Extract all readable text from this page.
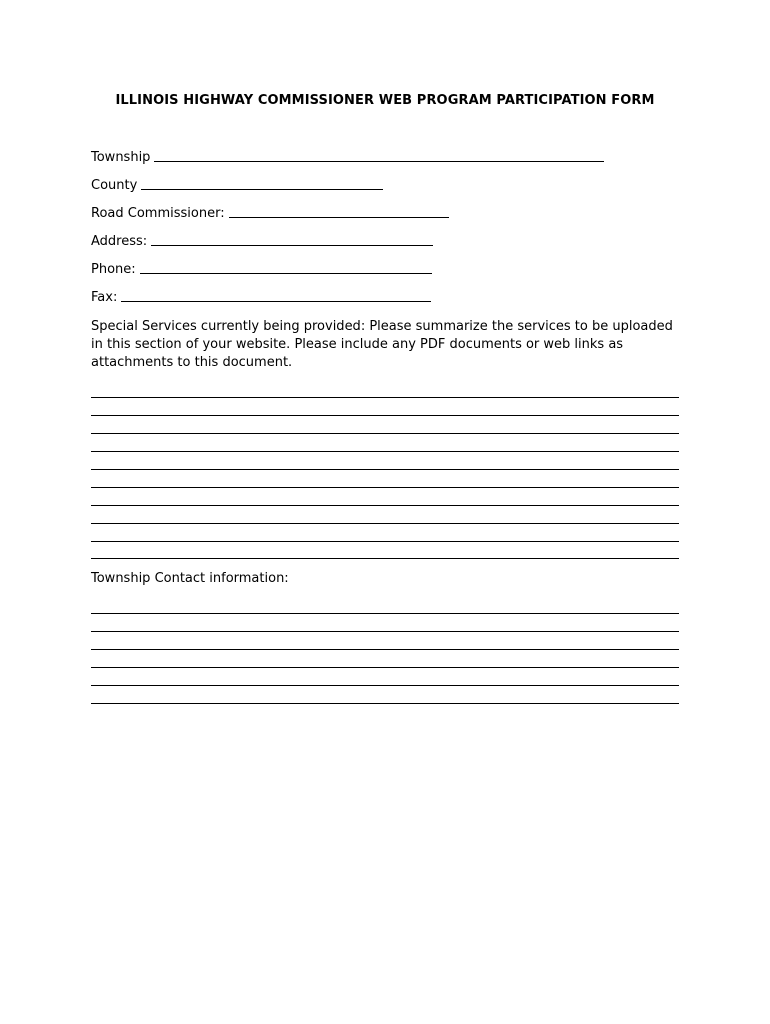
ILLINOIS HIGHWAY COMMISSIONER WEB PROGRAM PARTICIPATION FORM
Township
County
Road Commissioner:
Address:
Phone:
Fax:
Special Services currently being provided: Please summarize the services to be uploaded in this section of your website. Please include any PDF documents or web links as attachments to this document.
Township Contact information:
